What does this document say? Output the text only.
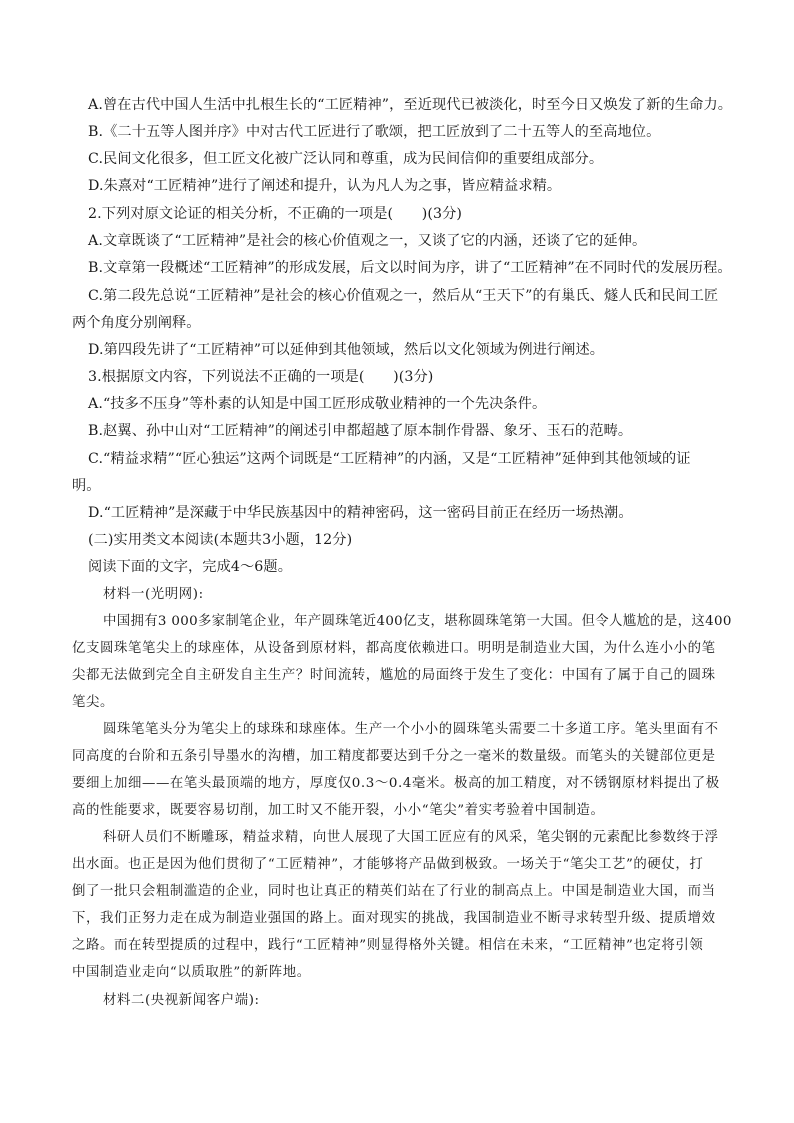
A.曾在古代中国人生活中扎根生长的“工匠精神”，至近现代已被淡化，时至今日又焕发了新的生命力。
B.《二十五等人图并序》中对古代工匠进行了歌颂，把工匠放到了二十五等人的至高地位。
C.民间文化很多，但工匠文化被广泛认同和尊重，成为民间信仰的重要组成部分。
D.朱熹对“工匠精神”进行了阐述和提升，认为凡人为之事，皆应精益求精。
2.下列对原文论证的相关分析，不正确的一项是(　　)(3分)
A.文章既谈了“工匠精神”是社会的核心价值观之一，又谈了它的内涵，还谈了它的延伸。
B.文章第一段概述“工匠精神”的形成发展，后文以时间为序，讲了“工匠精神”在不同时代的发展历程。
C.第二段先总说“工匠精神”是社会的核心价值观之一，然后从“王天下”的有巢氏、燧人氏和民间工匠
两个角度分别阐释。
D.第四段先讲了“工匠精神”可以延伸到其他领域，然后以文化领域为例进行阐述。
3.根据原文内容，下列说法不正确的一项是(　　)(3分)
A.“技多不压身”等朴素的认知是中国工匠形成敬业精神的一个先决条件。
B.赵翼、孙中山对“工匠精神”的阐述引申都超越了原本制作骨器、象牙、玉石的范畴。
C.“精益求精”“匠心独运”这两个词既是“工匠精神”的内涵，又是“工匠精神”延伸到其他领域的证
明。
D.“工匠精神”是深藏于中华民族基因中的精神密码，这一密码目前正在经历一场热潮。
(二)实用类文本阅读(本题共3小题，12分)
阅读下面的文字，完成4～6题。
材料一(光明网):
中国拥有3 000多家制笔企业，年产圆珠笔近400亿支，堪称圆珠笔第一大国。但令人尴尬的是，这400
亿支圆珠笔笔尖上的球座体，从设备到原材料，都高度依赖进口。明明是制造业大国，为什么连小小的笔
尖都无法做到完全自主研发自主生产？时间流转，尴尬的局面终于发生了变化：中国有了属于自己的圆珠
笔尖。
圆珠笔笔头分为笔尖上的球珠和球座体。生产一个小小的圆珠笔头需要二十多道工序。笔头里面有不
同高度的台阶和五条引导墨水的沟槽，加工精度都要达到千分之一毫米的数量级。而笔头的关键部位更是
要细上加细——在笔头最顶端的地方，厚度仅0.3～0.4毫米。极高的加工精度，对不锈钢原材料提出了极
高的性能要求，既要容易切削，加工时又不能开裂，小小“笔尖”着实考验着中国制造。
科研人员们不断雕琢，精益求精，向世人展现了大国工匠应有的风采，笔尖钢的元素配比参数终于浮
出水面。也正是因为他们贯彻了“工匠精神”，才能够将产品做到极致。一场关于“笔尖工艺”的硬仗，打
倒了一批只会粗制滥造的企业，同时也让真正的精英们站在了行业的制高点上。中国是制造业大国，而当
下，我们正努力走在成为制造业强国的路上。面对现实的挑战，我国制造业不断寻求转型升级、提质增效
之路。而在转型提质的过程中，践行“工匠精神”则显得格外关键。相信在未来，“工匠精神”也定将引领
中国制造业走向“以质取胜”的新阵地。
材料二(央视新闻客户端):
